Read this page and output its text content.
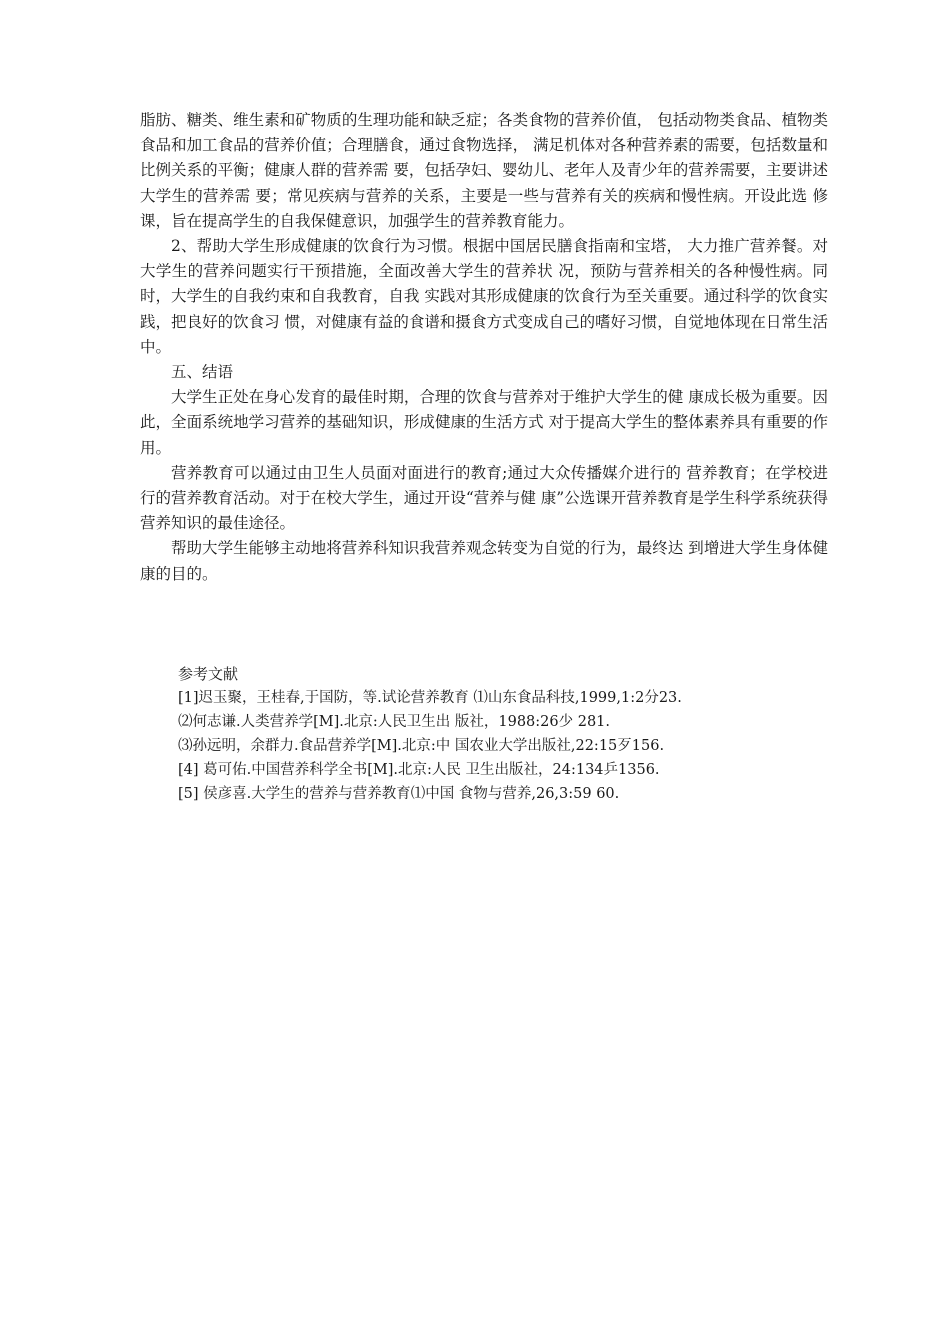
脂肪、糖类、维生素和矿物质的生理功能和缺乏症；各类食物的营养价值， 包括动物类食品、植物类食品和加工食品的营养价值；合理膳食，通过食物选择， 满足机体对各种营养素的需要，包括数量和比例关系的平衡；健康人群的营养需 要，包括孕妇、婴幼儿、老年人及青少年的营养需要，主要讲述大学生的营养需 要；常见疾病与营养的关系，主要是一些与营养有关的疾病和慢性病。开设此选 修课，旨在提高学生的自我保健意识，加强学生的营养教育能力。

2、帮助大学生形成健康的饮食行为习惯。根据中国居民膳食指南和宝塔， 大力推广营养餐。对大学生的营养问题实行干预措施，全面改善大学生的营养状 况，预防与营养相关的各种慢性病。同时，大学生的自我约束和自我教育，自我 实践对其形成健康的饮食行为至关重要。通过科学的饮食实践，把良好的饮食习 惯，对健康有益的食谱和摄食方式变成自己的嗜好习惯，自觉地体现在日常生活 中。

五、结语

大学生正处在身心发育的最佳时期，合理的饮食与营养对于维护大学生的健 康成长极为重要。因此，全面系统地学习营养的基础知识，形成健康的生活方式 对于提高大学生的整体素养具有重要的作用。

营养教育可以通过由卫生人员面对面进行的教育;通过大众传播媒介进行的 营养教育；在学校进行的营养教育活动。对于在校大学生，通过开设“营养与健 康”公选课开营养教育是学生科学系统获得营养知识的最佳途径。

帮助大学生能够主动地将营养科知识我营养观念转变为自觉的行为，最终达 到增进大学生身体健康的目的。

参考文献

[1]迟玉聚，王桂春,于国防，等.试论营养教育 ⑴山东食品科技,1999,1:2分23.

⑵何志谦.人类营养学[M].北京:人民卫生出 版社，1988:26少 281.

⑶孙远明，余群力.食品营养学[M].北京:中 国农业大学出版社,22:15歹156.

[4] 葛可佑.中国营养科学全书[M].北京:人民 卫生出版社，24:134乒1356.

[5] 侯彦喜.大学生的营养与营养教育⑴中国 食物与营养,26,3:59 60.
